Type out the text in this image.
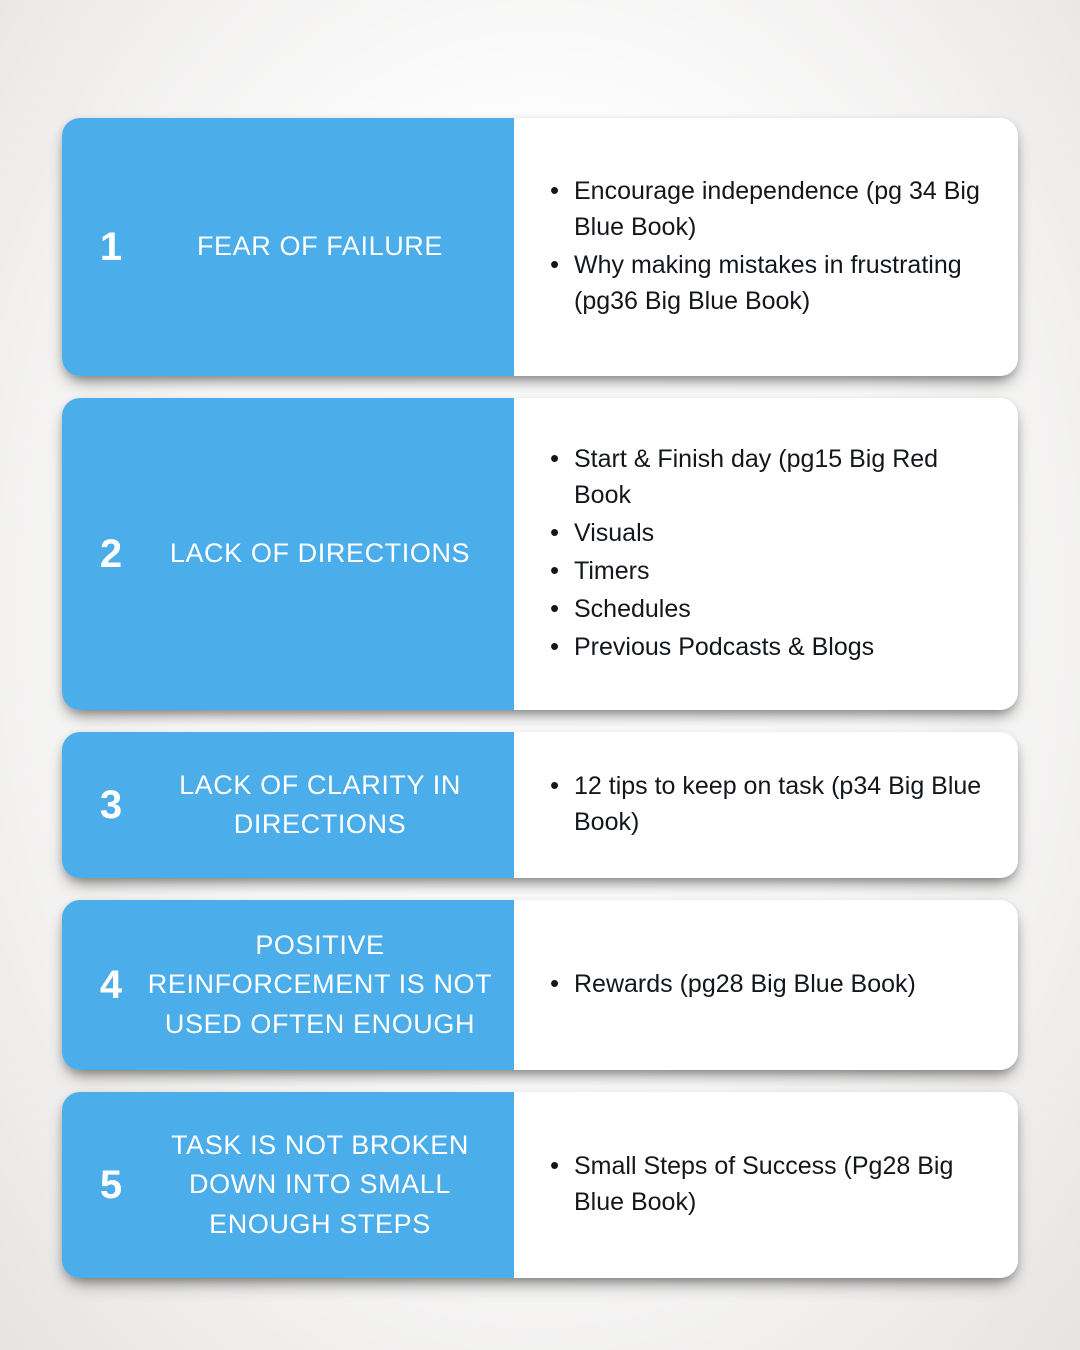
1	FEAR OF FAILURE
• Encourage independence (pg 34 Big Blue Book)
• Why making mistakes in frustrating (pg36 Big Blue Book)
2	LACK OF DIRECTIONS
• Start & Finish day (pg15 Big Red Book
• Visuals
• Timers
• Schedules
• Previous Podcasts & Blogs
3	LACK OF CLARITY IN DIRECTIONS
• 12 tips to keep on task (p34 Big Blue Book)
4
POSITIVE REINFORCEMENT IS NOT USED OFTEN ENOUGH
• Rewards (pg28 Big Blue Book)
5
TASK IS NOT BROKEN DOWN INTO SMALL ENOUGH STEPS
• Small Steps of Success (Pg28 Big Blue Book)
